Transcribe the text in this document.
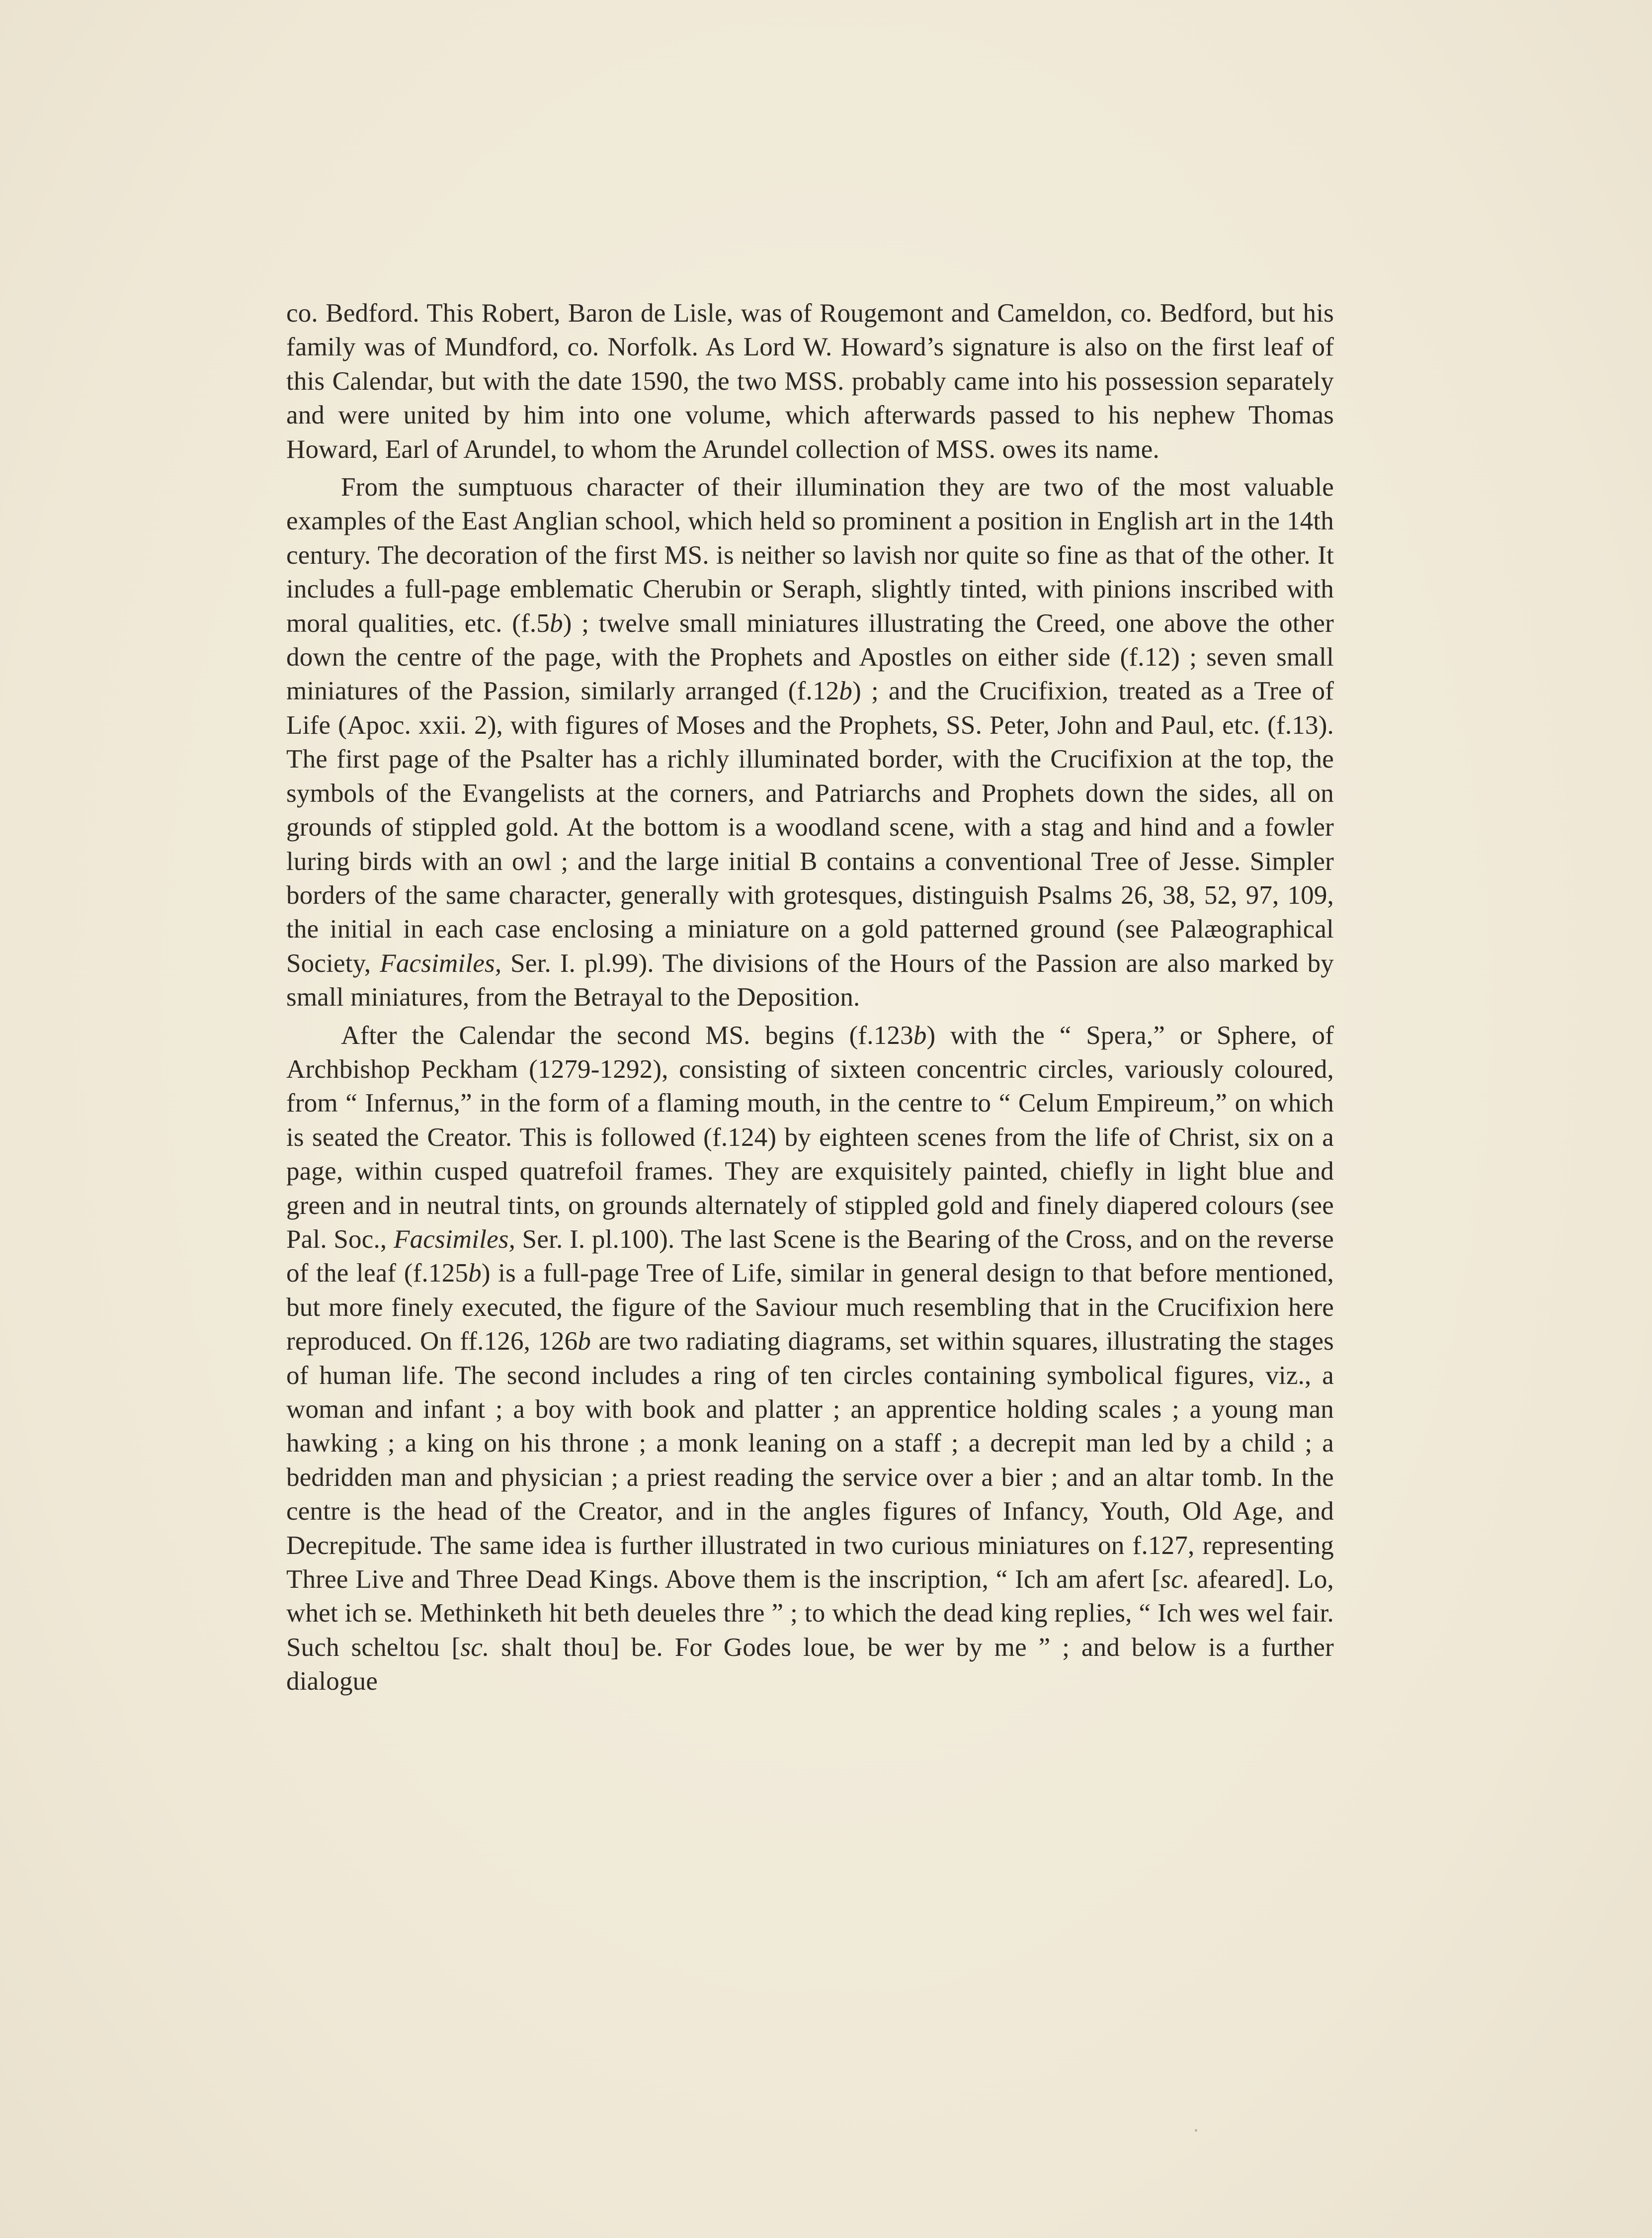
co. Bedford. This Robert, Baron de Lisle, was of Rougemont and Cameldon, co. Bedford, but his family was of Mundford, co. Norfolk. As Lord W. Howard’s signature is also on the first leaf of this Calendar, but with the date 1590, the two MSS. probably came into his possession separately and were united by him into one volume, which afterwards passed to his nephew Thomas Howard, Earl of Arundel, to whom the Arundel collection of MSS. owes its name.

From the sumptuous character of their illumination they are two of the most valuable examples of the East Anglian school, which held so prominent a position in English art in the 14th century. The decoration of the first MS. is neither so lavish nor quite so fine as that of the other. It includes a full-page emblematic Cherubin or Seraph, slightly tinted, with pinions inscribed with moral qualities, etc. (f.5b) ; twelve small miniatures illustrating the Creed, one above the other down the centre of the page, with the Prophets and Apostles on either side (f.12) ; seven small miniatures of the Passion, similarly arranged (f.12b) ; and the Crucifixion, treated as a Tree of Life (Apoc. xxii. 2), with figures of Moses and the Prophets, SS. Peter, John and Paul, etc. (f.13). The first page of the Psalter has a richly illuminated border, with the Crucifixion at the top, the symbols of the Evangelists at the corners, and Patriarchs and Prophets down the sides, all on grounds of stippled gold. At the bottom is a woodland scene, with a stag and hind and a fowler luring birds with an owl ; and the large initial B contains a conventional Tree of Jesse. Simpler borders of the same character, generally with grotesques, distinguish Psalms 26, 38, 52, 97, 109, the initial in each case enclosing a miniature on a gold patterned ground (see Palæographical Society, Facsimiles, Ser. I. pl.99). The divisions of the Hours of the Passion are also marked by small miniatures, from the Betrayal to the Deposition.

After the Calendar the second MS. begins (f.123b) with the “ Spera,” or Sphere, of Archbishop Peckham (1279-1292), consisting of sixteen concentric circles, variously coloured, from “ Infernus,” in the form of a flaming mouth, in the centre to “ Celum Empireum,” on which is seated the Creator. This is followed (f.124) by eighteen scenes from the life of Christ, six on a page, within cusped quatrefoil frames. They are exquisitely painted, chiefly in light blue and green and in neutral tints, on grounds alternately of stippled gold and finely diapered colours (see Pal. Soc., Facsimiles, Ser. I. pl.100). The last Scene is the Bearing of the Cross, and on the reverse of the leaf (f.125b) is a full-page Tree of Life, similar in general design to that before mentioned, but more finely executed, the figure of the Saviour much resembling that in the Crucifixion here reproduced. On ff.126, 126b are two radiating diagrams, set within squares, illustrating the stages of human life. The second includes a ring of ten circles containing symbolical figures, viz., a woman and infant ; a boy with book and platter ; an apprentice holding scales ; a young man hawking ; a king on his throne ; a monk leaning on a staff ; a decrepit man led by a child ; a bedridden man and physician ; a priest reading the service over a bier ; and an altar tomb. In the centre is the head of the Creator, and in the angles figures of Infancy, Youth, Old Age, and Decrepitude. The same idea is further illustrated in two curious miniatures on f.127, representing Three Live and Three Dead Kings. Above them is the inscription, “ Ich am afert [sc. afeared]. Lo, whet ich se. Methinketh hit beth deueles thre ” ; to which the dead king replies, “ Ich wes wel fair. Such scheltou [sc. shalt thou] be. For Godes loue, be wer by me ” ; and below is a further dialogue
